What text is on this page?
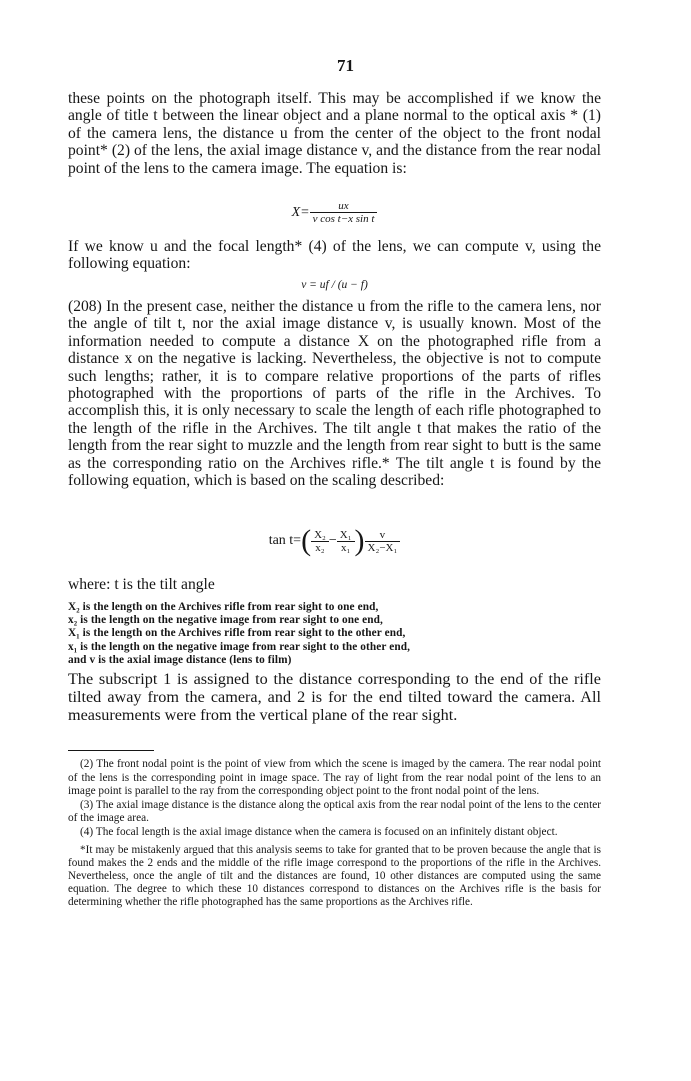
71

these points on the photograph itself. This may be accomplished if we know the angle of title t between the linear object and a plane normal to the optical axis * (1) of the camera lens, the distance u from the center of the object to the front nodal point* (2) of the lens, the axial image distance v, and the distance from the rear nodal point of the lens to the camera image. The equation is:

$X= \frac{ux}{\text{v cos t−x sin t}}$

If we know u and the focal length* (4) of the lens, we can compute v, using the following equation:

v = uf / (u − f)

(208) In the present case, neither the distance u from the rifle to the camera lens, nor the angle of tilt t, nor the axial image distance v, is usually known. Most of the information needed to compute a distance X on the photographed rifle from a distance x on the negative is lacking. Nevertheless, the objective is not to compute such lengths; rather, it is to compare relative proportions of the parts of rifles photographed with the proportions of parts of the rifle in the Archives. To accomplish this, it is only necessary to scale the length of each rifle photographed to the length of the rifle in the Archives. The tilt angle t that makes the ratio of the length from the rear sight to muzzle and the length from rear sight to butt is the same as the corresponding ratio on the Archives rifle.* The tilt angle t is found by the following equation, which is based on the scaling described:

$\tan t=( \frac{\text{X₂}}{\text{x₂}} - \frac{\text{X₁}}{\text{x₁}}$ ) $\frac{v}{\text{X₂−X₁}}$

where: t is the tilt angle

X₂ is the length on the Archives rifle from rear sight to one end,
x₂ is the length on the negative image from rear sight to one end,
X₁ is the length on the Archives rifle from rear sight to the other end,
x₁ is the length on the negative image from rear sight to the other end,
and v is the axial image distance (lens to film)

The subscript 1 is assigned to the distance corresponding to the end of the rifle tilted away from the camera, and 2 is for the end tilted toward the camera. All measurements were from the vertical plane of the rear sight.

(2) The front nodal point is the point of view from which the scene is imaged by the camera. The rear nodal point of the lens is the corresponding point in image space. The ray of light from the rear nodal point of the lens to an image point is parallel to the ray from the corresponding object point to the front nodal point of the lens.

(3) The axial image distance is the distance along the optical axis from the rear nodal point of the lens to the center of the image area.

(4) The focal length is the axial image distance when the camera is focused on an infinitely distant object.

*It may be mistakenly argued that this analysis seems to take for granted that to be proven because the angle that is found makes the 2 ends and the middle of the rifle image correspond to the proportions of the rifle in the Archives. Nevertheless, once the angle of tilt and the distances are found, 10 other distances are computed using the same equation. The degree to which these 10 distances correspond to distances on the Archives rifle is the basis for determining whether the rifle photographed has the same proportions as the Archives rifle.
